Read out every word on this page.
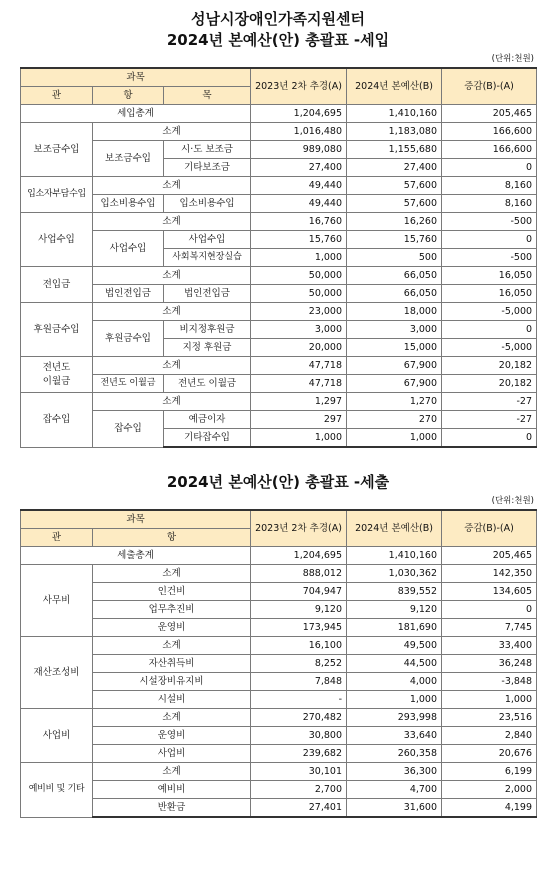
성남시장애인가족지원센터
2024년 본예산(안) 총괄표 -세입
(단위:천원)
과목			2023년 2차 추경(A)	2024년 본예산(B)	증감(B)-(A)
관	항	목			
세입총계			1,204,695	1,410,160	205,465
보조금수입	소계		1,016,480	1,183,080	166,600
	보조금수입	시·도 보조금	989,080	1,155,680	166,600
		기타보조금	27,400	27,400	0
입소자부담수입	소계		49,440	57,600	8,160
	입소비용수입	입소비용수입	49,440	57,600	8,160
사업수입	소계		16,760	16,260	-500
	사업수입	사업수입	15,760	15,760	0
		사회복지현장실습	1,000	500	-500
전입금	소계		50,000	66,050	16,050
	법인전입금	법인전입금	50,000	66,050	16,050
후원금수입	소계		23,000	18,000	-5,000
	후원금수입	비지정후원금	3,000	3,000	0
		지정 후원금	20,000	15,000	-5,000
전년도
이월금	소계		47,718	67,900	20,182
	전년도 이월금	전년도 이월금	47,718	67,900	20,182
잡수입	소계		1,297	1,270	-27
	잡수입	예금이자	297	270	-27
		기타잡수입	1,000	1,000	0
2024년 본예산(안) 총괄표 -세출
(단위:천원)
과목		2023년 2차 추경(A)	2024년 본예산(B)	증감(B)-(A)
관	항			
세출총계		1,204,695	1,410,160	205,465
사무비	소계	888,012	1,030,362	142,350
	인건비	704,947	839,552	134,605
	업무추진비	9,120	9,120	0
	운영비	173,945	181,690	7,745
재산조성비	소계	16,100	49,500	33,400
	자산취득비	8,252	44,500	36,248
	시설장비유지비	7,848	4,000	-3,848
	시설비	-	1,000	1,000
사업비	소계	270,482	293,998	23,516
	운영비	30,800	33,640	2,840
	사업비	239,682	260,358	20,676
예비비 및 기타	소계	30,101	36,300	6,199
	예비비	2,700	4,700	2,000
	반환금	27,401	31,600	4,199
